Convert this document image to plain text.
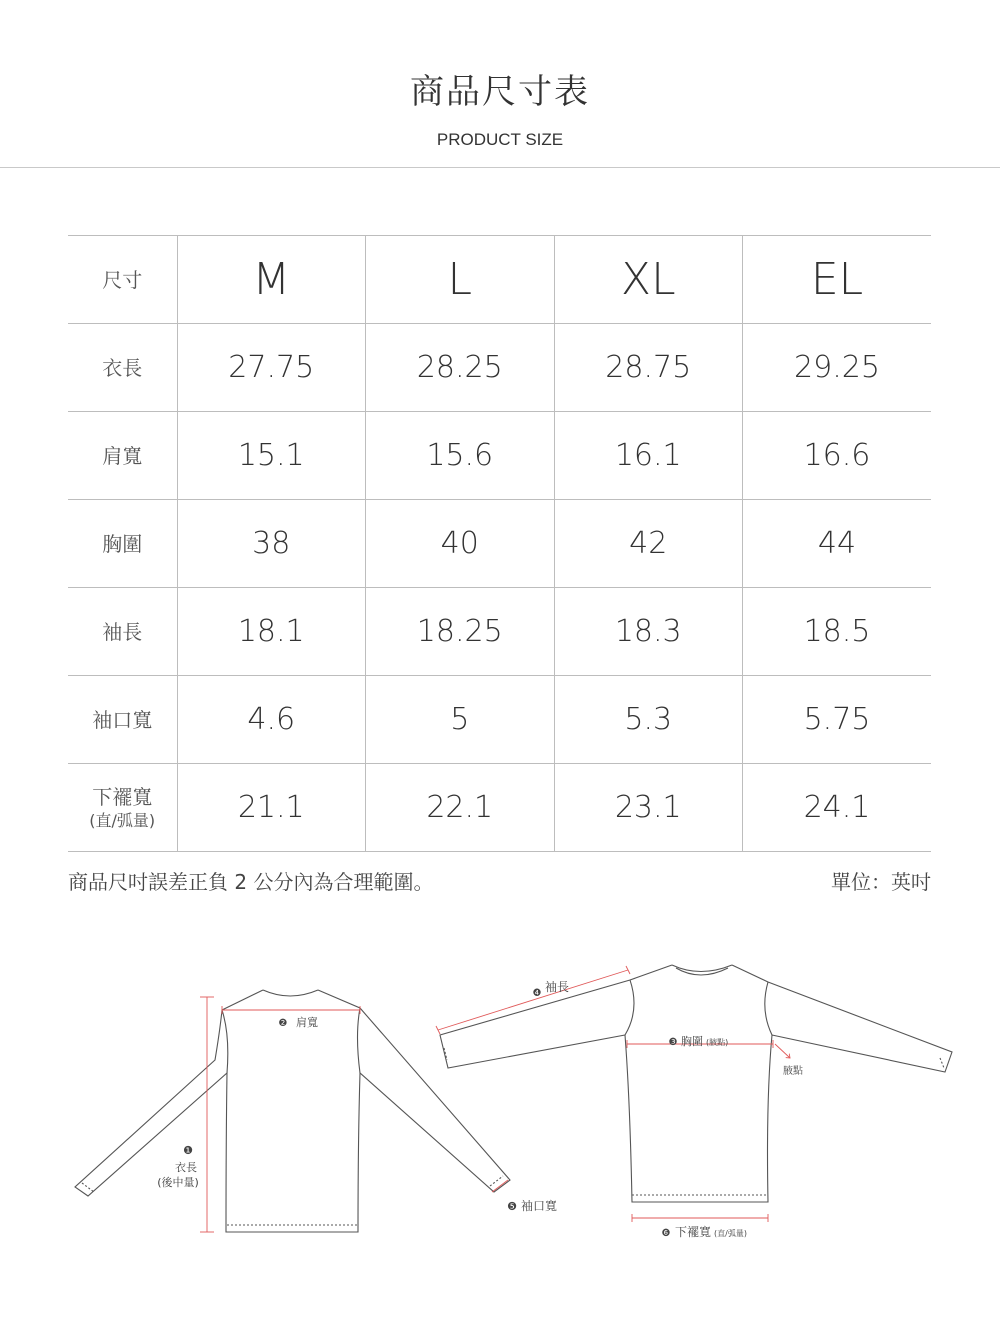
商品尺寸表
PRODUCT SIZE
尺寸	M	L	XL	EL
衣長	27.75	28.25	28.75	29.25
肩寬	15.1	15.6	16.1	16.6
胸圍	38	40	42	44
袖長	18.1	18.25	18.3	18.5
袖口寬	4.6	5	5.3	5.75
下襬寬
(直/弧量)	21.1	22.1	23.1	24.1
商品尺吋誤差正負 2 公分內為合理範圍。	單位：英吋
❷ 肩寬
❶
衣長
(後中量)
❺ 袖口寬
❹ 袖長
❸ 胸圍 (腋點)
腋點
❻ 下襬寬 (直/弧量)
